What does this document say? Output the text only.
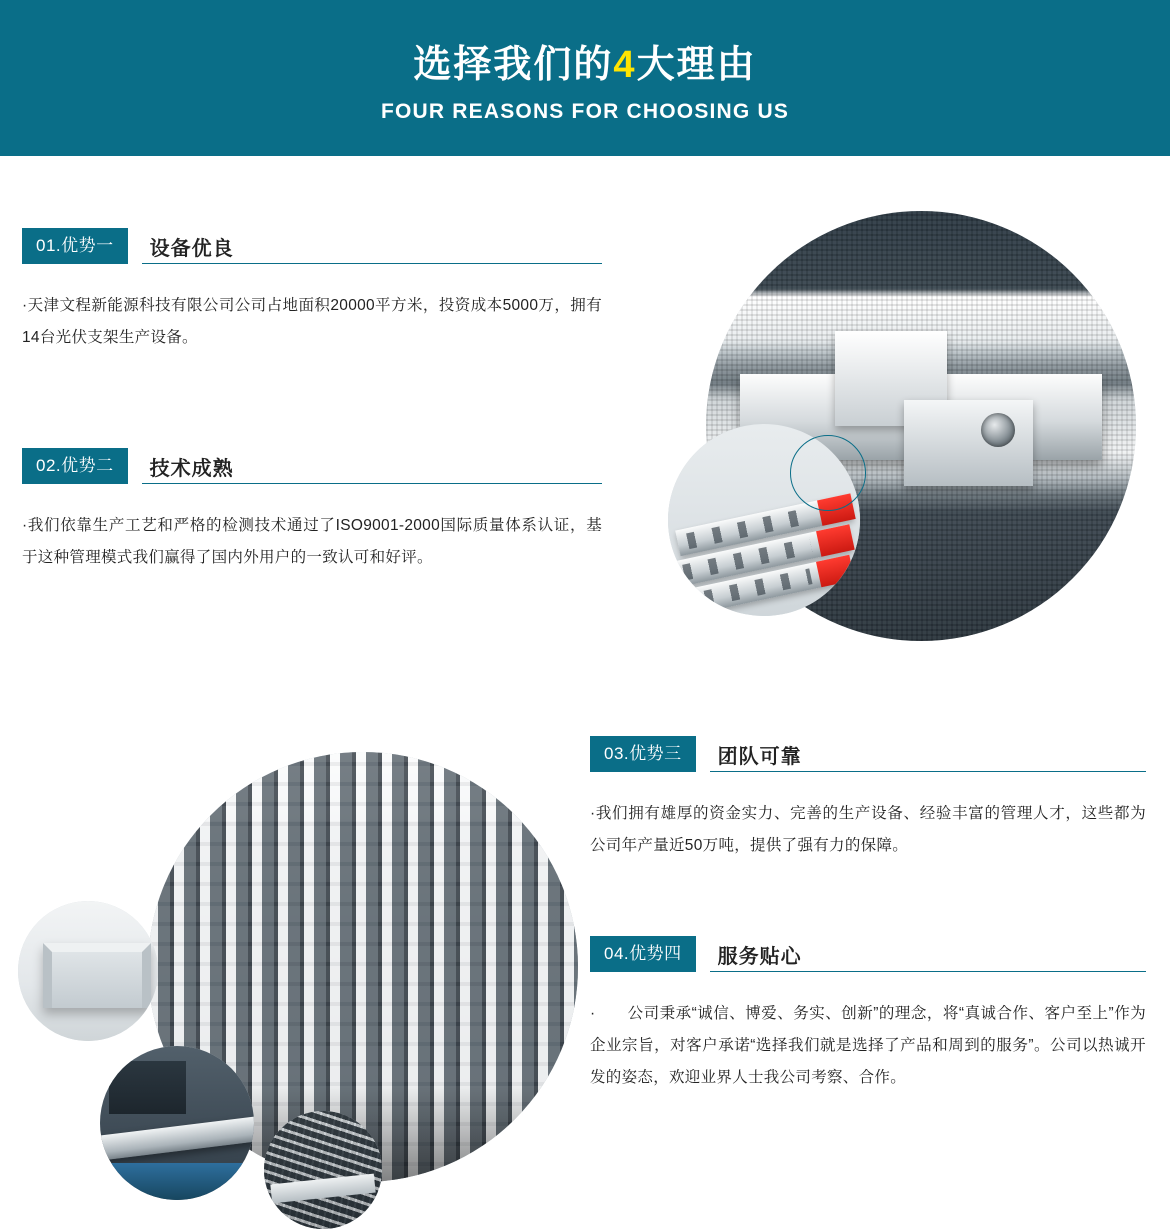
选择我们的4大理由

FOUR REASONS FOR CHOOSING US

01.优势一	设备优良

·天津文程新能源科技有限公司公司占地面积20000平方米，投资成本5000万，拥有14台光伏支架生产设备。

02.优势二	技术成熟

·我们依靠生产工艺和严格的检测技术通过了ISO9001-2000国际质量体系认证，基于这种管理模式我们赢得了国内外用户的一致认可和好评。

03.优势三	团队可靠

·我们拥有雄厚的资金实力、完善的生产设备、经验丰富的管理人才，这些都为公司年产量近50万吨，提供了强有力的保障。

04.优势四	服务贴心

·　　公司秉承“诚信、博爱、务实、创新”的理念，将“真诚合作、客户至上”作为企业宗旨，对客户承诺“选择我们就是选择了产品和周到的服务”。公司以热诚开发的姿态，欢迎业界人士我公司考察、合作。
